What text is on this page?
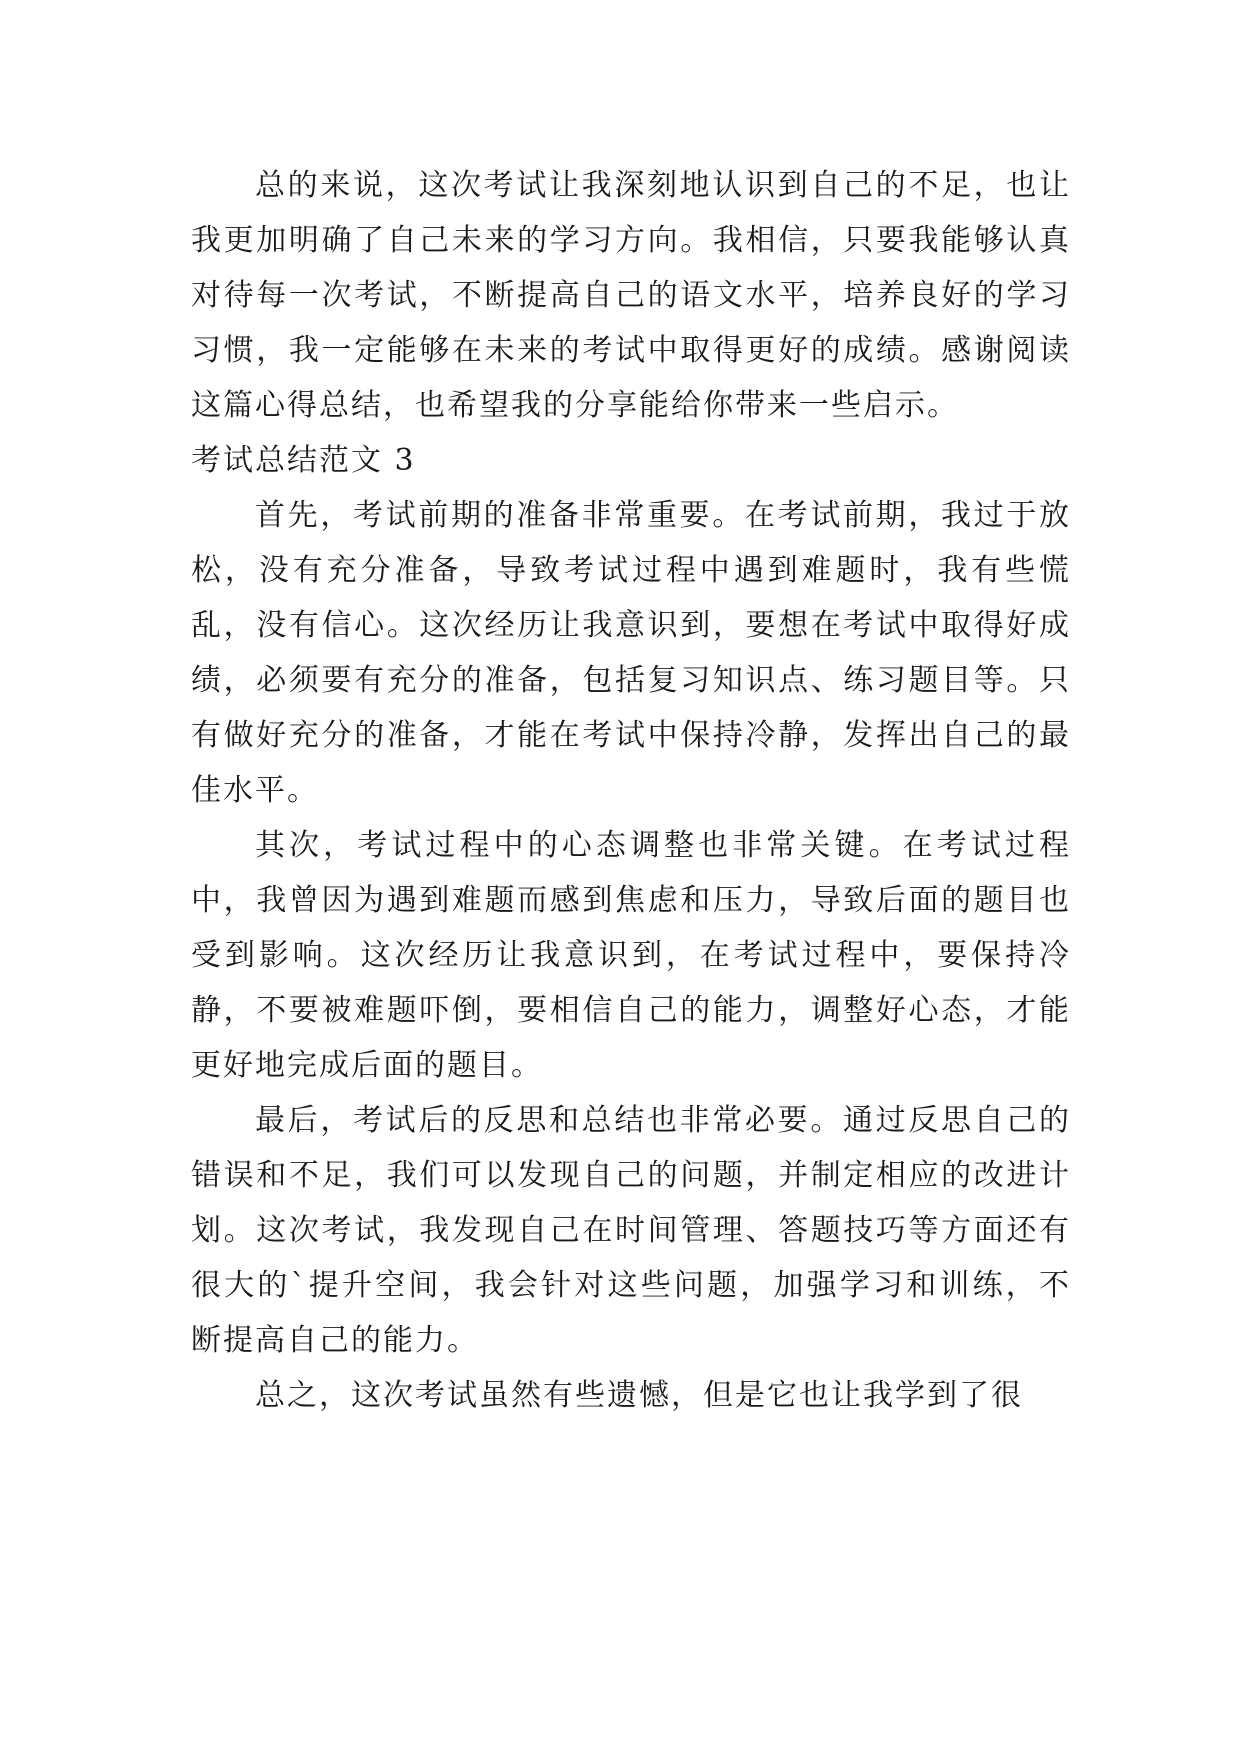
总的来说，这次考试让我深刻地认识到自己的不足，也让我更加明确了自己未来的学习方向。我相信，只要我能够认真对待每一次考试，不断提高自己的语文水平，培养良好的学习习惯，我一定能够在未来的考试中取得更好的成绩。感谢阅读这篇心得总结，也希望我的分享能给你带来一些启示。

考试总结范文 3

首先，考试前期的准备非常重要。在考试前期，我过于放松，没有充分准备，导致考试过程中遇到难题时，我有些慌乱，没有信心。这次经历让我意识到，要想在考试中取得好成绩，必须要有充分的准备，包括复习知识点、练习题目等。只有做好充分的准备，才能在考试中保持冷静，发挥出自己的最佳水平。

其次，考试过程中的心态调整也非常关键。在考试过程中，我曾因为遇到难题而感到焦虑和压力，导致后面的题目也受到影响。这次经历让我意识到，在考试过程中，要保持冷静，不要被难题吓倒，要相信自己的能力，调整好心态，才能更好地完成后面的题目。

最后，考试后的反思和总结也非常必要。通过反思自己的错误和不足，我们可以发现自己的问题，并制定相应的改进计划。这次考试，我发现自己在时间管理、答题技巧等方面还有很大的`提升空间，我会针对这些问题，加强学习和训练，不断提高自己的能力。

总之，这次考试虽然有些遗憾，但是它也让我学到了很
